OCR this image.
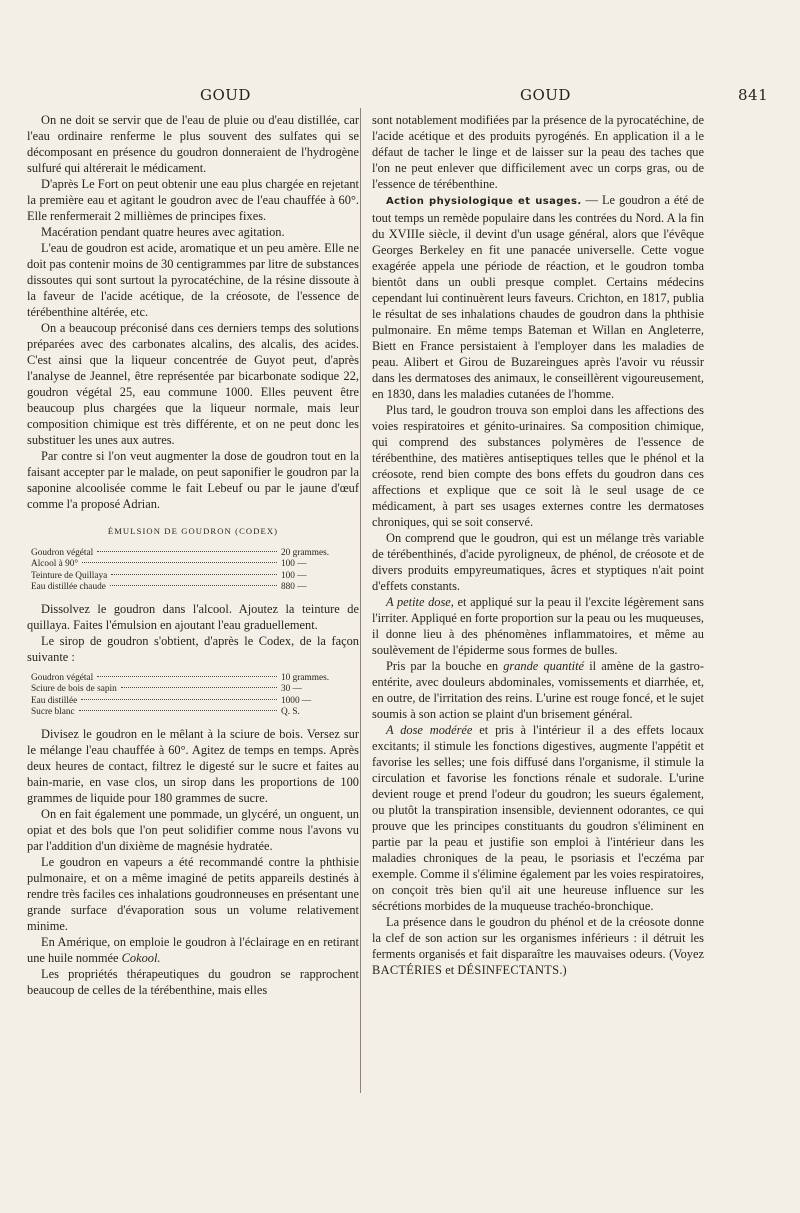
GOUD	GOUD	841

On ne doit se servir que de l'eau de pluie ou d'eau distillée, car l'eau ordinaire renferme le plus souvent des sulfates qui se décomposant en présence du goudron donneraient de l'hydrogène sulfuré qui altérerait le médicament.

D'après Le Fort on peut obtenir une eau plus chargée en rejetant la première eau et agitant le goudron avec de l'eau chauffée à 60°. Elle renfermerait 2 millièmes de principes fixes.

Macération pendant quatre heures avec agitation.

L'eau de goudron est acide, aromatique et un peu amère. Elle ne doit pas contenir moins de 30 centigrammes par litre de substances dissoutes qui sont surtout la pyrocatéchine, de la résine dissoute à la faveur de l'acide acétique, de la créosote, de l'essence de térébenthine altérée, etc.

On a beaucoup préconisé dans ces derniers temps des solutions préparées avec des carbonates alcalins, des alcalis, des acides. C'est ainsi que la liqueur concentrée de Guyot peut, d'après l'analyse de Jeannel, être représentée par bicarbonate sodique 22, goudron végétal 25, eau commune 1000. Elles peuvent être beaucoup plus chargées que la liqueur normale, mais leur composition chimique est très différente, et on ne peut donc les substituer les unes aux autres.

Par contre si l'on veut augmenter la dose de goudron tout en la faisant accepter par le malade, on peut saponifier le goudron par la saponine alcoolisée comme le fait Lebeuf ou par le jaune d'œuf comme l'a proposé Adrian.

ÉMULSION DE GOUDRON (CODEX)
Goudron végétal	20 grammes.
Alcool à 90°	100 —
Teinture de Quillaya	100 —
Eau distillée chaude	880 —

Dissolvez le goudron dans l'alcool. Ajoutez la teinture de quillaya. Faites l'émulsion en ajoutant l'eau graduellement.

Le sirop de goudron s'obtient, d'après le Codex, de la façon suivante :

Goudron végétal	10 grammes.
Sciure de bois de sapin	30 —
Eau distillée	1000 —
Sucre blanc	Q. S.

Divisez le goudron en le mêlant à la sciure de bois. Versez sur le mélange l'eau chauffée à 60°. Agitez de temps en temps. Après deux heures de contact, filtrez le digesté sur le sucre et faites au bain-marie, en vase clos, un sirop dans les proportions de 100 grammes de liquide pour 180 grammes de sucre.

On en fait également une pommade, un glycéré, un onguent, un opiat et des bols que l'on peut solidifier comme nous l'avons vu par l'addition d'un dixième de magnésie hydratée.

Le goudron en vapeurs a été recommandé contre la phthisie pulmonaire, et on a même imaginé de petits appareils destinés à rendre très faciles ces inhalations goudronneuses en présentant une grande surface d'évaporation sous un volume relativement minime.

En Amérique, on emploie le goudron à l'éclairage en en retirant une huile nommée Cokool.

Les propriétés thérapeutiques du goudron se rapprochent beaucoup de celles de la térébenthine, mais elles

sont notablement modifiées par la présence de la pyrocatéchine, de l'acide acétique et des produits pyrogénés. En application il a le défaut de tacher le linge et de laisser sur la peau des taches que l'on ne peut enlever que difficilement avec un corps gras, ou de l'essence de térébenthine.

Action physiologique et usages. — Le goudron a été de tout temps un remède populaire dans les contrées du Nord. A la fin du XVIIIe siècle, il devint d'un usage général, alors que l'évêque Georges Berkeley en fit une panacée universelle. Cette vogue exagérée appela une période de réaction, et le goudron tomba bientôt dans un oubli presque complet. Certains médecins cependant lui continuèrent leurs faveurs. Crichton, en 1817, publia le résultat de ses inhalations chaudes de goudron dans la phthisie pulmonaire. En même temps Bateman et Willan en Angleterre, Biett en France persistaient à l'employer dans les maladies de peau. Alibert et Girou de Buzareingues après l'avoir vu réussir dans les dermatoses des animaux, le conseillèrent vigoureusement, en 1830, dans les maladies cutanées de l'homme.

Plus tard, le goudron trouva son emploi dans les affections des voies respiratoires et génito-urinaires. Sa composition chimique, qui comprend des substances polymères de l'essence de térébenthine, des matières antiseptiques telles que le phénol et la créosote, rend bien compte des bons effets du goudron dans ces affections et explique que ce soit là le seul usage de ce médicament, à part ses usages externes contre les dermatoses chroniques, qui se soit conservé.

On comprend que le goudron, qui est un mélange très variable de térébenthinés, d'acide pyroligneux, de phénol, de créosote et de divers produits empyreumatiques, âcres et styptiques n'ait point d'effets constants.

A petite dose, et appliqué sur la peau il l'excite légèrement sans l'irriter. Appliqué en forte proportion sur la peau ou les muqueuses, il donne lieu à des phénomènes inflammatoires, et même au soulèvement de l'épiderme sous formes de bulles.

Pris par la bouche en grande quantité il amène de la gastro-entérite, avec douleurs abdominales, vomissements et diarrhée, et, en outre, de l'irritation des reins. L'urine est rouge foncé, et le sujet soumis à son action se plaint d'un brisement général.

A dose modérée et pris à l'intérieur il a des effets locaux excitants; il stimule les fonctions digestives, augmente l'appétit et favorise les selles; une fois diffusé dans l'organisme, il stimule la circulation et favorise les fonctions rénale et sudorale. L'urine devient rouge et prend l'odeur du goudron; les sueurs également, ou plutôt la transpiration insensible, deviennent odorantes, ce qui prouve que les principes constituants du goudron s'éliminent en partie par la peau et justifie son emploi à l'intérieur dans les maladies chroniques de la peau, le psoriasis et l'eczéma par exemple. Comme il s'élimine également par les voies respiratoires, on conçoit très bien qu'il ait une heureuse influence sur les sécrétions morbides de la muqueuse trachéo-bronchique.

La présence dans le goudron du phénol et de la créosote donne la clef de son action sur les organismes inférieurs : il détruit les ferments organisés et fait disparaître les mauvaises odeurs. (Voyez BACTÉRIES et DÉSINFECTANTS.)
